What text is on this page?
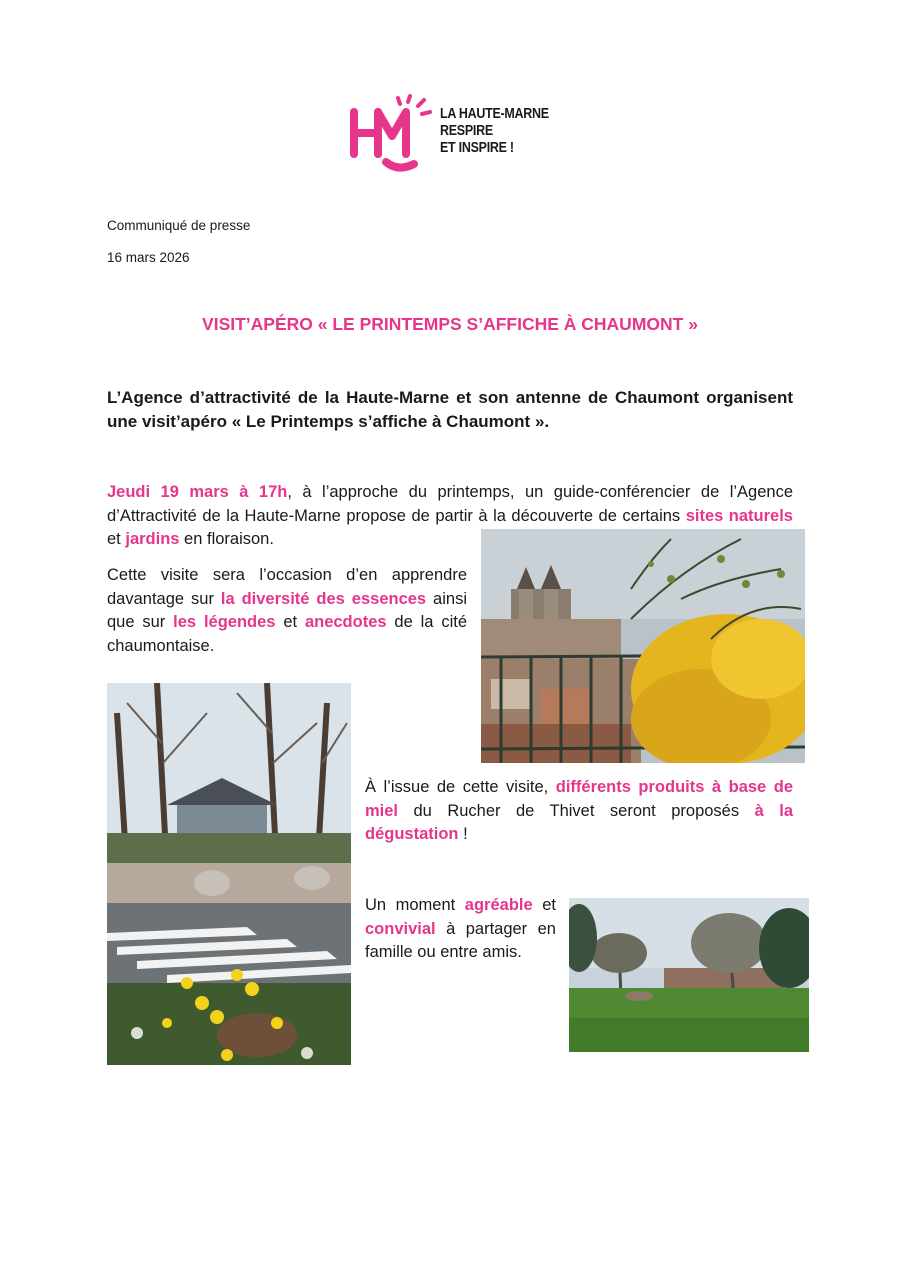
LA HAUTE-MARNE
RESPIRE
ET INSPIRE !
Communiqué de presse
16 mars 2026
VISIT’APÉRO « LE PRINTEMPS S’AFFICHE À CHAUMONT »
L’Agence d’attractivité de la Haute-Marne et son antenne de Chaumont organisent une visit’apéro « Le Printemps s’affiche à Chaumont ».
Jeudi 19 mars à 17h, à l’approche du printemps, un guide-conférencier de l’Agence d’Attractivité de la Haute-Marne propose de partir à la découverte de certains sites naturels et jardins en floraison.
Cette visite sera l’occasion d’en apprendre davantage sur la diversité des essences ainsi que sur les légendes et anecdotes de la cité chaumontaise.
À l’issue de cette visite, différents produits à base de miel du Rucher de Thivet seront proposés à la dégustation !
Un moment agréable et convivial à partager en famille ou entre amis.
